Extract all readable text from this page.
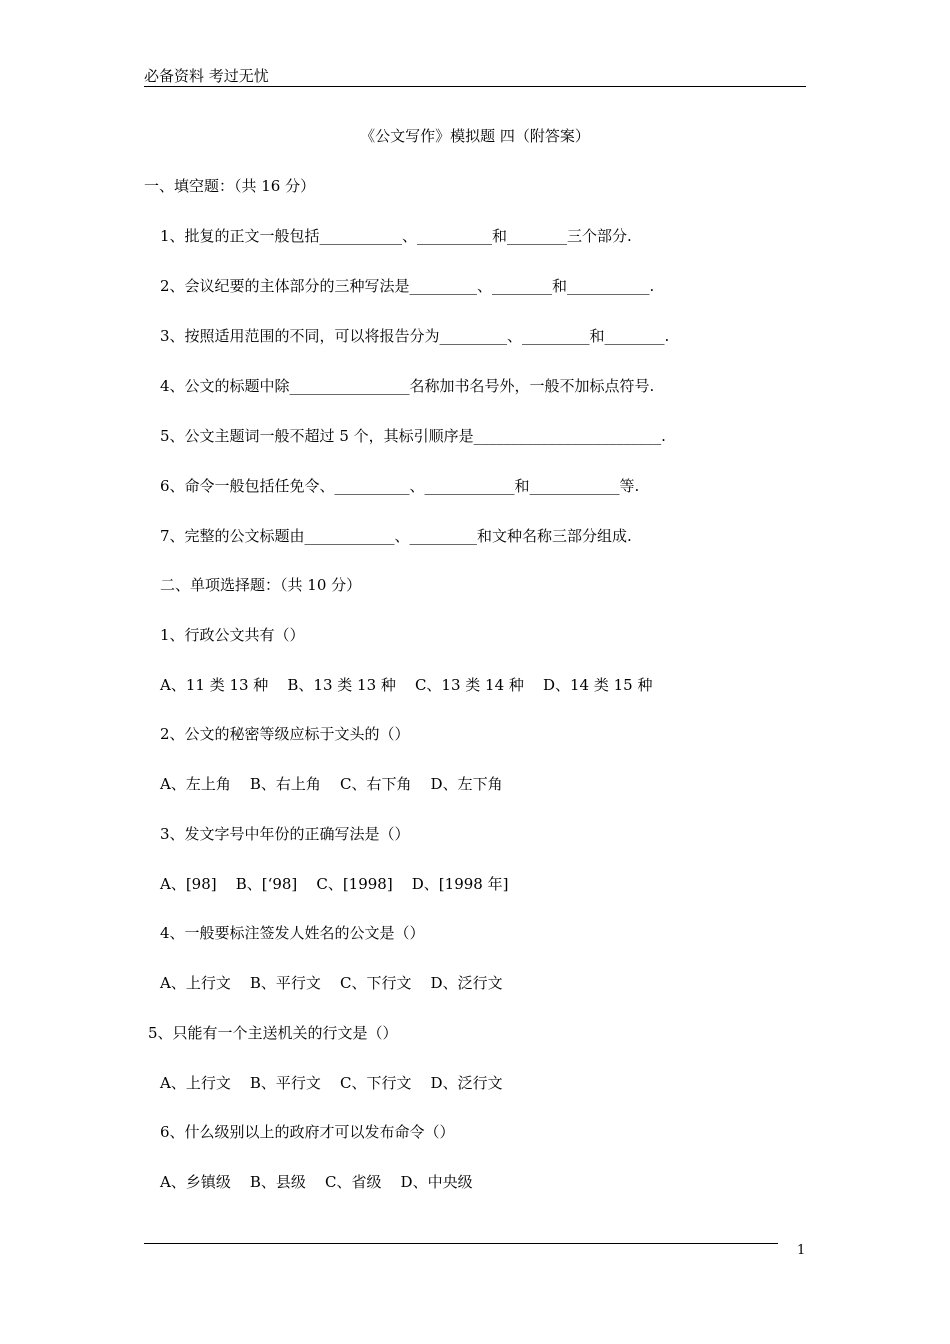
必备资料 考过无忧
《公文写作》模拟题 四（附答案）
一、填空题：（共 16 分）
1、批复的正文一般包括___________、__________和________三个部分.
2、会议纪要的主体部分的三种写法是_________、________和___________.
3、按照适用范围的不同，可以将报告分为_________、_________和________.
4、公文的标题中除________________名称加书名号外，一般不加标点符号.
5、公文主题词一般不超过 5 个，其标引顺序是_________________________.
6、命令一般包括任免令、__________、____________和____________等.
7、完整的公文标题由____________、_________和文种名称三部分组成.
二、单项选择题：（共 10 分）
1、行政公文共有（）
A、11 类 13 种    B、13 类 13 种    C、13 类 14 种    D、14 类 15 种
2、公文的秘密等级应标于文头的（）
A、左上角    B、右上角    C、右下角    D、左下角
3、发文字号中年份的正确写法是（）
A、[98]    B、[‘98]    C、[1998]    D、[1998 年]
4、一般要标注签发人姓名的公文是（）
A、上行文    B、平行文    C、下行文    D、泛行文
5、只能有一个主送机关的行文是（）
A、上行文    B、平行文    C、下行文    D、泛行文
6、什么级别以上的政府才可以发布命令（）
A、乡镇级    B、县级    C、省级    D、中央级
1
